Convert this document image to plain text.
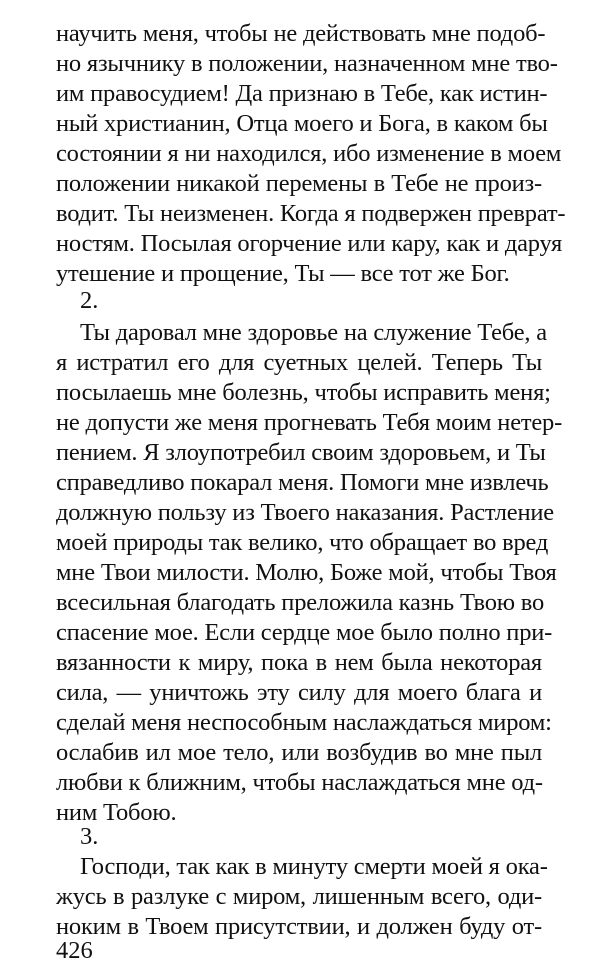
научить меня, чтобы не действовать мне подоб-
но язычнику в положении, назначенном мне тво-
им правосудием! Да признаю в Тебе, как истин-
ный христианин, Отца моего и Бога, в каком бы
состоянии я ни находился, ибо изменение в моем
положении никакой перемены в Тебе не произ-
водит. Ты неизменен. Когда я подвержен преврат-
ностям. Посылая огорчение или кару, как и даруя
утешение и прощение, Ты — все тот же Бог.
2.
Ты даровал мне здоровье на служение Тебе, а
я истратил его для суетных целей. Теперь Ты
посылаешь мне болезнь, чтобы исправить меня;
не допусти же меня прогневать Тебя моим нетер-
пением. Я злоупотребил своим здоровьем, и Ты
справедливо покарал меня. Помоги мне извлечь
должную пользу из Твоего наказания. Растление
моей природы так велико, что обращает во вред
мне Твои милости. Молю, Боже мой, чтобы Твоя
всесильная благодать преложила казнь Твою во
спасение мое. Если сердце мое было полно при-
вязанности к миру, пока в нем была некоторая
сила, — уничтожь эту силу для моего блага и
сделай меня неспособным наслаждаться миром:
ослабив ил мое тело, или возбудив во мне пыл
любви к ближним, чтобы наслаждаться мне од-
ним Тобою.
3.
Господи, так как в минуту смерти моей я ока-
жусь в разлуке с миром, лишенным всего, оди-
ноким в Твоем присутствии, и должен буду от-
426
